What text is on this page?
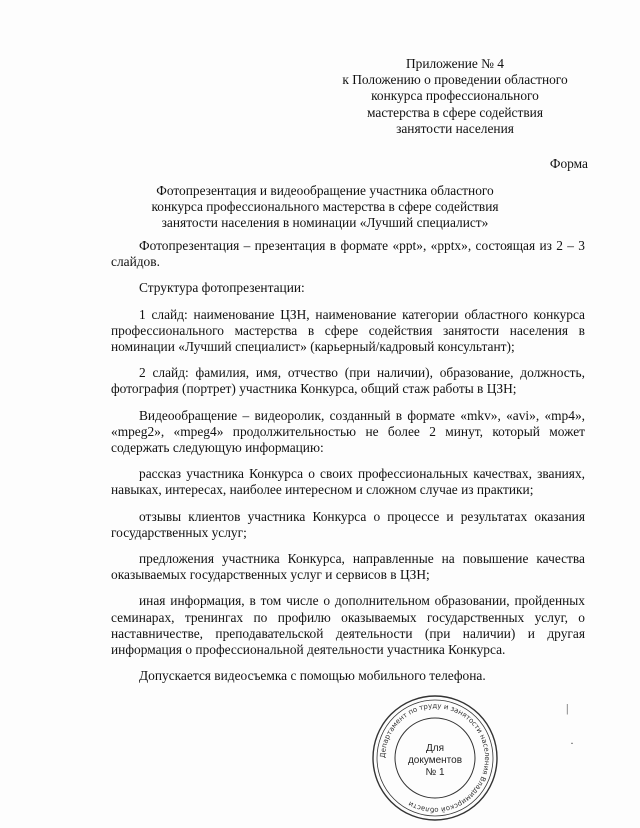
Приложение № 4
к Положению о проведении областного
конкурса профессионального
мастерства в сфере содействия
занятости населения
Форма
Фотопрезентация и видеообращение участника областного
конкурса профессионального мастерства в сфере содействия
занятости населения в номинации «Лучший специалист»

Фотопрезентация – презентация в формате «ppt», «pptx», состоящая из 2 – 3 слайдов.

Структура фотопрезентации:

1 слайд: наименование ЦЗН, наименование категории областного конкурса профессионального мастерства в сфере содействия занятости населения в номинации «Лучший специалист» (карьерный/кадровый консультант);

2 слайд: фамилия, имя, отчество (при наличии), образование, должность, фотография (портрет) участника Конкурса, общий стаж работы в ЦЗН;

Видеообращение – видеоролик, созданный в формате «mkv», «avi», «mp4», «mpeg2», «mpeg4» продолжительностью не более 2 минут, который может содержать следующую информацию:

рассказ участника Конкурса о своих профессиональных качествах, званиях, навыках, интересах, наиболее интересном и сложном случае из практики;

отзывы клиентов участника Конкурса о процессе и результатах оказания государственных услуг;

предложения участника Конкурса, направленные на повышение качества оказываемых государственных услуг и сервисов в ЦЗН;

иная информация, в том числе о дополнительном образовании, пройденных семинарах, тренингах по профилю оказываемых государственных услуг, о наставничестве, преподавательской деятельности (при наличии) и другая информация о профессиональной деятельности участника Конкурса.

Допускается видеосъемка с помощью мобильного телефона.

Департамент по труду и занятости населения Владимирской области
Для
документов
№ 1
|
·
